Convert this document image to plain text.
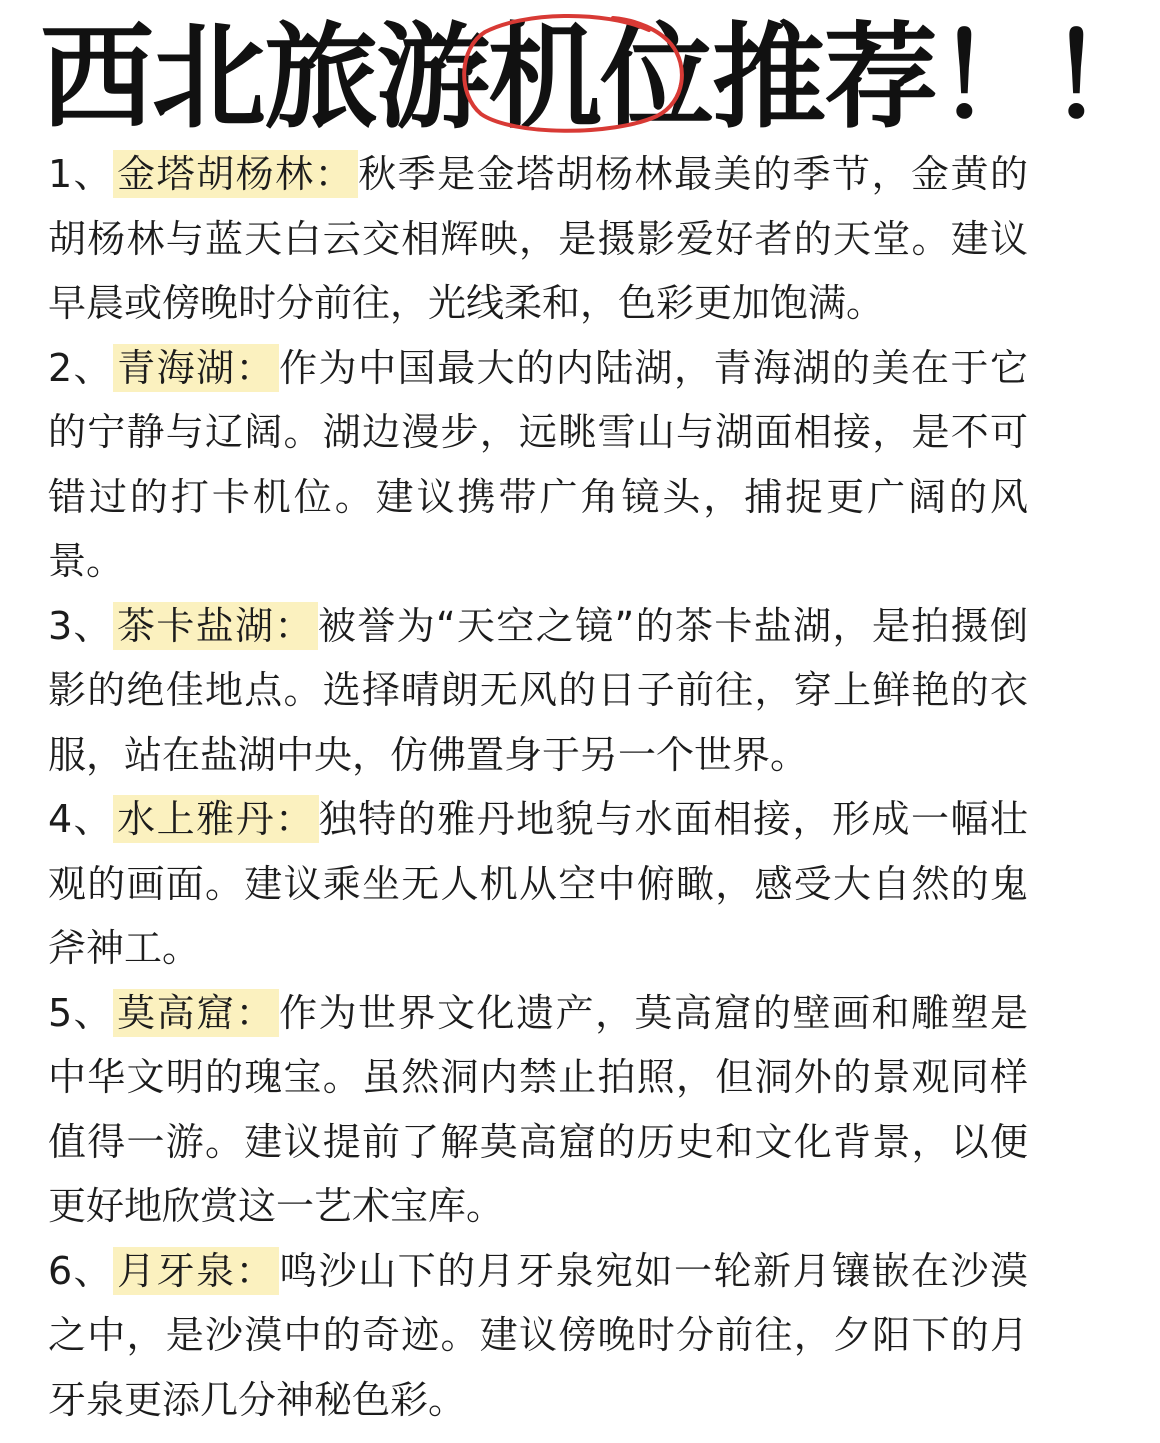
西北旅游机位推荐！！

1、 金塔胡杨林： 秋季是金塔胡杨林最美的季节，金黄的胡杨林与蓝天白云交相辉映，是摄影爱好者的天堂。建议早晨或傍晚时分前往，光线柔和，色彩更加饱满。

2、 青海湖： 作为中国最大的内陆湖，青海湖的美在于它的宁静与辽阔。湖边漫步，远眺雪山与湖面相接，是不可错过的打卡机位。建议携带广角镜头，捕捉更广阔的风景。

3、 茶卡盐湖： 被誉为“天空之镜”的茶卡盐湖，是拍摄倒影的绝佳地点。选择晴朗无风的日子前往，穿上鲜艳的衣服，站在盐湖中央，仿佛置身于另一个世界。

4、 水上雅丹： 独特的雅丹地貌与水面相接，形成一幅壮观的画面。建议乘坐无人机从空中俯瞰，感受大自然的鬼斧神工。

5、 莫高窟： 作为世界文化遗产，莫高窟的壁画和雕塑是中华文明的瑰宝。虽然洞内禁止拍照，但洞外的景观同样值得一游。建议提前了解莫高窟的历史和文化背景，以便更好地欣赏这一艺术宝库。

6、 月牙泉： 鸣沙山下的月牙泉宛如一轮新月镶嵌在沙漠之中，是沙漠中的奇迹。建议傍晚时分前往，夕阳下的月牙泉更添几分神秘色彩。
